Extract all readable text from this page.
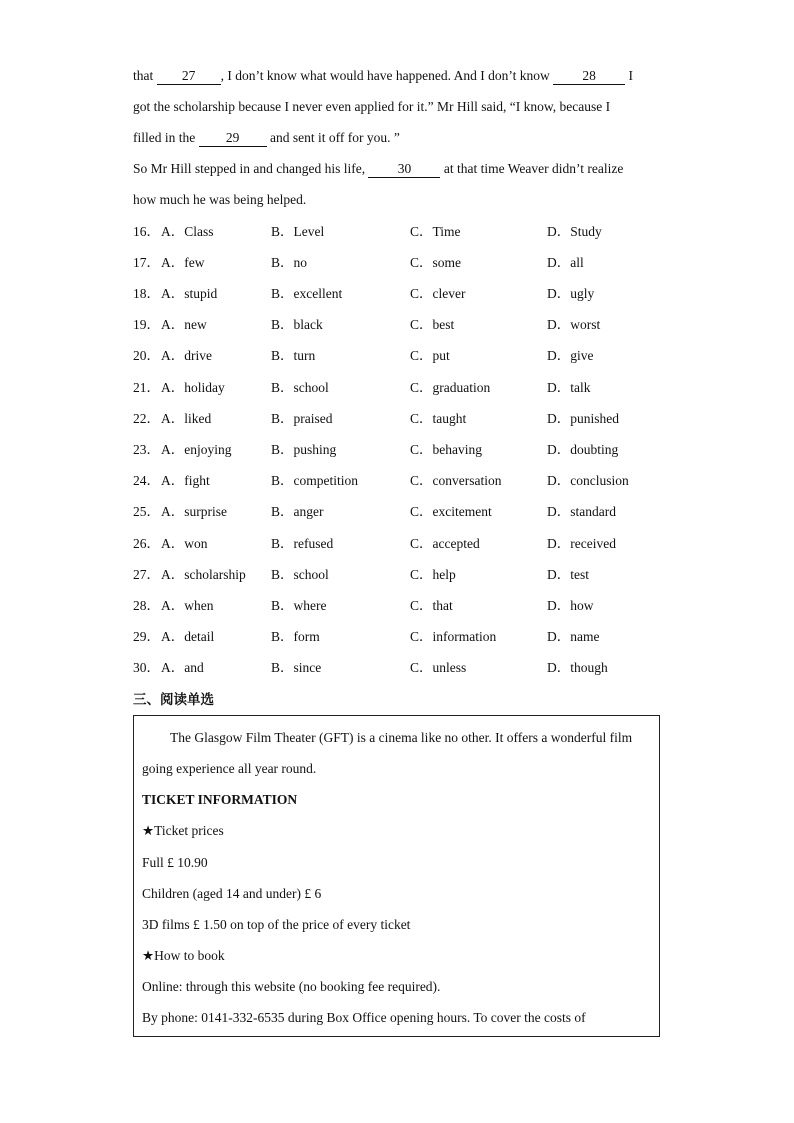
that 27 , I don’t know what would have happened. And I don’t know 28 I
got the scholarship because I never even applied for it.” Mr Hill said, “I know, because I
filled in the 29 and sent it off for you. ”
So Mr Hill stepped in and changed his life, 30 at that time Weaver didn’t realize
how much he was being helped.
16． A．Class	B．Level	C．Time	D．Study
17． A．few	B．no	C．some	D．all
18． A．stupid	B．excellent	C．clever	D．ugly
19． A．new	B．black	C．best	D．worst
20． A．drive	B．turn	C．put	D．give
21． A．holiday	B．school	C．graduation	D．talk
22． A．liked	B．praised	C．taught	D．punished
23． A．enjoying	B．pushing	C．behaving	D．doubting
24． A．fight	B．competition	C．conversation	D．conclusion
25． A．surprise	B．anger	C．excitement	D．standard
26． A．won	B．refused	C．accepted	D．received
27． A．scholarship B．school	C．help	D．test
28． A．when	B．where	C．that	D．how
29． A．detail	B．form	C．information	D．name
30． A．and	B．since	C．unless	D．though
三、阅读单选
The Glasgow Film Theater (GFT) is a cinema like no other. It offers a wonderful film
going experience all year round.
TICKET INFORMATION
★Ticket prices
Full £ 10.90
Children (aged 14 and under) £ 6
3D films £ 1.50 on top of the price of every ticket
★How to book
Online: through this website (no booking fee required).
By phone: 0141-332-6535 during Box Office opening hours. To cover the costs of
